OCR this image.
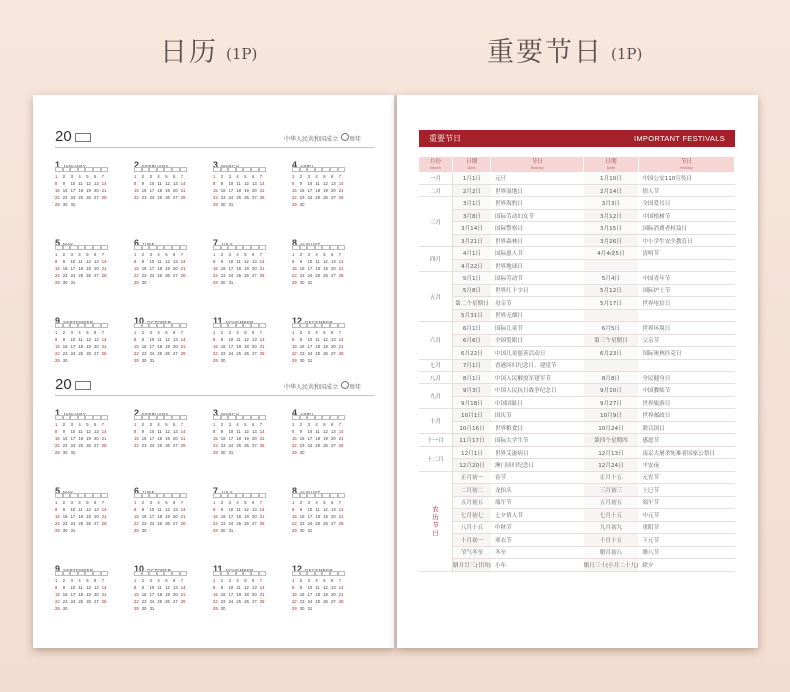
日历 (1P)	重要节日 (1P)
20	中华人民共和国成立    周年
1 JANUARY
1	2	3	4	5	6	7
8	9	10 11 12 13 14
15 16 17 18 19 20 21
22 23 24 25 26 27 28
29 30 31
2 FEBRUARY
1	2	3	4	5	6	7
8	9	10 11 12 13 14
15 16 17 18 19 20 21
22 23 24 25 26 27 28
3 MARCH
1	2	3	4	5	6	7
8	9	10 11 12 13 14
15 16 17 18 19 20 21
22 23 24 25 26 27 28
29 30 31
4 APRIL
1	2	3	4	5	6	7
8	9	10 11 12 13 14
15 16 17 18 19 20 21
22 23 24 25 26 27 28
29 30
5 MAY
1	2	3	4	5	6	7
8	9	10 11 12 13 14
15 16 17 18 19 20 21
22 23 24 25 26 27 28
29 30 31
6 JUNE
1	2	3	4	5	6	7
8	9	10 11 12 13 14
15 16 17 18 19 20 21
22 23 24 25 26 27 28
29 30
7 JULY
1	2	3	4	5	6	7
8	9	10 11 12 13 14
15 16 17 18 19 20 21
22 23 24 25 26 27 28
29 30 31
8 AUGUST
1	2	3	4	5	6	7
8	9	10 11 12 13 14
15 16 17 18 19 20 21
22 23 24 25 26 27 28
29 30 31
9 SEPTEMBER
1	2	3	4	5	6	7
8	9	10 11 12 13 14
15 16 17 18 19 20 21
22 23 24 25 26 27 28
29 30
10 OCTOBER
1	2	3	4	5	6	7
8	9	10 11 12 13 14
15 16 17 18 19 20 21
22 23 24 25 26 27 28
29 30 31
11 NOVEMBER
1	2	3	4	5	6	7
8	9	10 11 12 13 14
15 16 17 18 19 20 21
22 23 24 25 26 27 28
29 30
12 DECEMBER
1	2	3	4	5	6	7
8	9	10 11 12 13 14
15 16 17 18 19 20 21
22 23 24 25 26 27 28
29 30 31
20	中华人民共和国成立    周年
1 JANUARY
1	2	3	4	5	6	7
8	9	10 11 12 13 14
15 16 17 18 19 20 21
22 23 24 25 26 27 28
29 30 31
2 FEBRUARY
1	2	3	4	5	6	7
8	9	10 11 12 13 14
15 16 17 18 19 20 21
22 23 24 25 26 27 28
3 MARCH
1	2	3	4	5	6	7
8	9	10 11 12 13 14
15 16 17 18 19 20 21
22 23 24 25 26 27 28
29 30 31
4 APRIL
1	2	3	4	5	6	7
8	9	10 11 12 13 14
15 16 17 18 19 20 21
22 23 24 25 26 27 28
29 30
5 MAY
1	2	3	4	5	6	7
8	9	10 11 12 13 14
15 16 17 18 19 20 21
22 23 24 25 26 27 28
29 30 31
6 JUNE
1	2	3	4	5	6	7
8	9	10 11 12 13 14
15 16 17 18 19 20 21
22 23 24 25 26 27 28
29 30
7 JULY
1	2	3	4	5	6	7
8	9	10 11 12 13 14
15 16 17 18 19 20 21
22 23 24 25 26 27 28
29 30 31
8 AUGUST
1	2	3	4	5	6	7
8	9	10 11 12 13 14
15 16 17 18 19 20 21
22 23 24 25 26 27 28
29 30 31
9 SEPTEMBER
1	2	3	4	5	6	7
8	9	10 11 12 13 14
15 16 17 18 19 20 21
22 23 24 25 26 27 28
29 30
10 OCTOBER
1	2	3	4	5	6	7
8	9	10 11 12 13 14
15 16 17 18 19 20 21
22 23 24 25 26 27 28
29 30 31
11 NOVEMBER
1	2	3	4	5	6	7
8	9	10 11 12 13 14
15 16 17 18 19 20 21
22 23 24 25 26 27 28
29 30
12 DECEMBER
1	2	3	4	5	6	7
8	9	10 11 12 13 14
15 16 17 18 19 20 21
22 23 24 25 26 27 28
29 30 31
重要节日	IMPORTANT FESTIVALS
月份
Month	日期
Date	节日
Holiday	日期
Date	节日
Holiday

一月	1月1日	元旦	1月10日	中国公安110宣传日
二月	2月2日	世界湿地日	2月14日	情人节
三月	3月1日	世界海豹日	3月3日	全国爱耳日
	3月8日	国际劳动妇女节	3月12日	中国植树节
	3月14日	国际警察日	3月15日	国际消费者权益日
	3月21日	世界森林日	3月26日	中小学生安全教育日
四月	4月1日	国际愚人节	4月4或5日	清明节
	4月22日	世界地球日		
五月	5月1日	国际劳动节	5月4日	中国青年节
	5月8日	世界红十字日	5月12日	国际护士节
	第二个星期日	母亲节	5月17日	世界电信日
	5月31日	世界无烟日		
六月	6月1日	国际儿童节	6月5日	世界环境日
	6月6日	全国爱眼日	第三个星期日	父亲节
	6月22日	中国儿童慈善活动日	6月23日	国际奥林匹克日
七月	7月1日	香港回归纪念日、建党节		
八月	8月1日	中国人民解放军建军节	8月8日	全民健身日
九月	9月3日	中国人民抗日战争纪念日	9月10日	中国教师节
	9月18日	中国国耻日	9月27日	世界旅游日
十月	10月1日	国庆节	10月9日	世界邮政日
	10月16日	世界粮食日	10月24日	联合国日
十一月	11月17日	国际大学生节	第四个星期四	感恩节
十二月	12月1日	世界艾滋病日	12月13日	南京大屠杀死难者国家公祭日
	12月20日	澳门回归纪念日	12月24日	平安夜
农历节日	正月初一	春节	正月十五	元宵节
	二月初二	龙抬头	三月初三	上巳节
	五月初五	端午节	五月初五	端午节
	七月初七	七夕情人节	七月十五	中元节
	八月十五	中秋节	九月初九	重阳节
	十月初一	寒衣节	十月十五	下元节
	节气冬至	冬至	腊月初八	腊八节
	腊月廿三(廿四)	小年	腊月三十(小月二十九)	除夕
